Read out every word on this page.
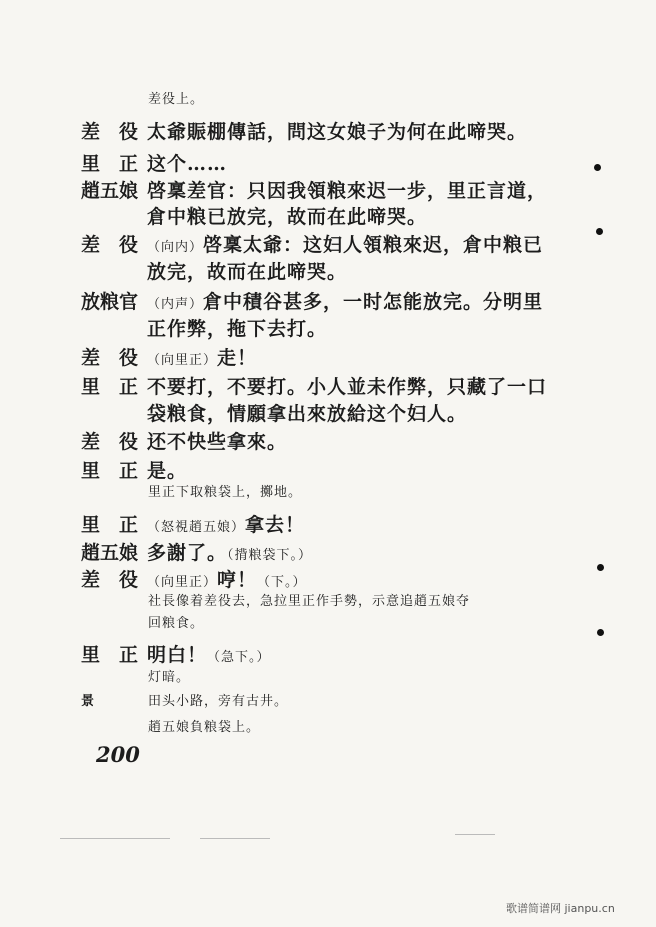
差役上。
差　役 太爺賑棚傳話，問这女娘子为何在此啼哭。
里　正 这个……
趙五娘 啓稟差官：只因我領粮來迟一步，里正言道，
倉中粮已放完，故而在此啼哭。
差　役 （向内）啓稟太爺：这妇人領粮來迟，倉中粮已
放完，故而在此啼哭。
放粮官 （内声）倉中積谷甚多，一时怎能放完。分明里
正作弊，拖下去打。
差　役 （向里正）走！
里　正 不要打，不要打。小人並未作弊，只藏了一口
袋粮食，情願拿出來放給这个妇人。
差　役 还不快些拿來。
里　正 是。
里正下取粮袋上，擲地。
里　正 （怒視趙五娘）拿去！
趙五娘 多謝了。（揹粮袋下。）
差　役 （向里正）哼！（下。）
社長像着差役去，急拉里正作手勢，示意追趙五娘夺
回粮食。
里　正 明白！（急下。）
灯暗。
景	田头小路，旁有古井。
趙五娘負粮袋上。
200
歌谱简谱网 jianpu.cn
